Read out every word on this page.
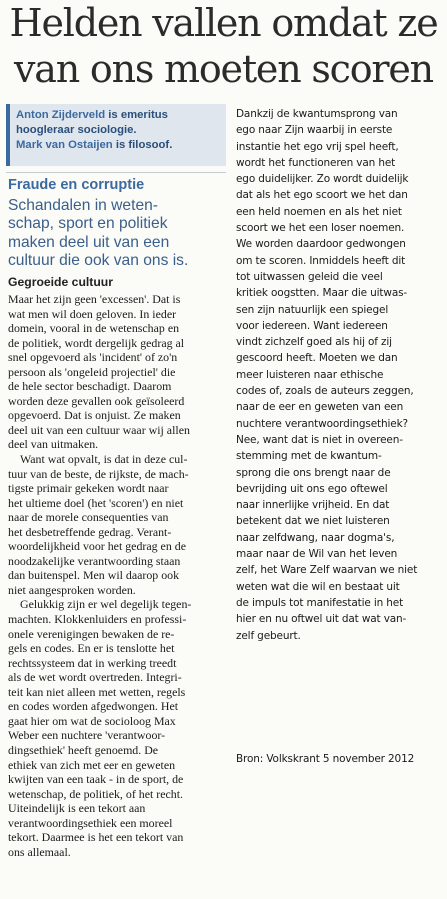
Helden vallen omdat ze
van ons moeten scoren

Anton Zijderveld is emeritus

hoogleraar sociologie.

Mark van Ostaijen is filosoof.

Fraude en corruptie
Schandalen in weten-
schap, sport en politiek
maken deel uit van een
cultuur die ook van ons is.
Gegroeide cultuur
Maar het zijn geen 'excessen'. Dat is
wat men wil doen geloven. In ieder
domein, vooral in de wetenschap en
de politiek, wordt dergelijk gedrag al
snel opgevoerd als 'incident' of zo'n
persoon als 'ongeleid projectiel' die
de hele sector beschadigt. Daarom
worden deze gevallen ook geïsoleerd
opgevoerd. Dat is onjuist. Ze maken
deel uit van een cultuur waar wij allen
deel van uitmaken.
Want wat opvalt, is dat in deze cul-
tuur van de beste, de rijkste, de mach-
tigste primair gekeken wordt naar
het ultieme doel (het 'scoren') en niet
naar de morele consequenties van
het desbetreffende gedrag. Verant-
woordelijkheid voor het gedrag en de
noodzakelijke verantwoording staan
dan buitenspel. Men wil daarop ook
niet aangesproken worden.
Gelukkig zijn er wel degelijk tegen-
machten. Klokkenluiders en professi-
onele verenigingen bewaken de re-
gels en codes. En er is tenslotte het
rechtssysteem dat in werking treedt
als de wet wordt overtreden. Integri-
teit kan niet alleen met wetten, regels
en codes worden afgedwongen. Het
gaat hier om wat de socioloog Max
Weber een nuchtere 'verantwoor-
dingsethiek' heeft genoemd. De
ethiek van zich met eer en geweten
kwijten van een taak - in de sport, de
wetenschap, de politiek, of het recht.
Uiteindelijk is een tekort aan
verantwoordingsethiek een moreel
tekort. Daarmee is het een tekort van
ons allemaal.
Dankzij de kwantumsprong van
ego naar Zijn waarbij in eerste
instantie het ego vrij spel heeft,
wordt het functioneren van het
ego duidelijker. Zo wordt duidelijk
dat als het ego scoort we het dan
een held noemen en als het niet
scoort we het een loser noemen.
We worden daardoor gedwongen
om te scoren. Inmiddels heeft dit
tot uitwassen geleid die veel
kritiek oogstten. Maar die uitwas-
sen zijn natuurlijk een spiegel
voor iedereen. Want iedereen
vindt zichzelf goed als hij of zij
gescoord heeft. Moeten we dan
meer luisteren naar ethische
codes of, zoals de auteurs zeggen,
naar de eer en geweten van een
nuchtere verantwoordingsethiek?
Nee, want dat is niet in overeen-
stemming met de kwantum-
sprong die ons brengt naar de
bevrijding uit ons ego oftewel
naar innerlijke vrijheid. En dat
betekent dat we niet luisteren
naar zelfdwang, naar dogma's,
maar naar de Wil van het leven
zelf, het Ware Zelf waarvan we niet
weten wat die wil en bestaat uit
de impuls tot manifestatie in het
hier en nu oftwel uit dat wat van-
zelf gebeurt.
Bron: Volkskrant 5 november 2012
